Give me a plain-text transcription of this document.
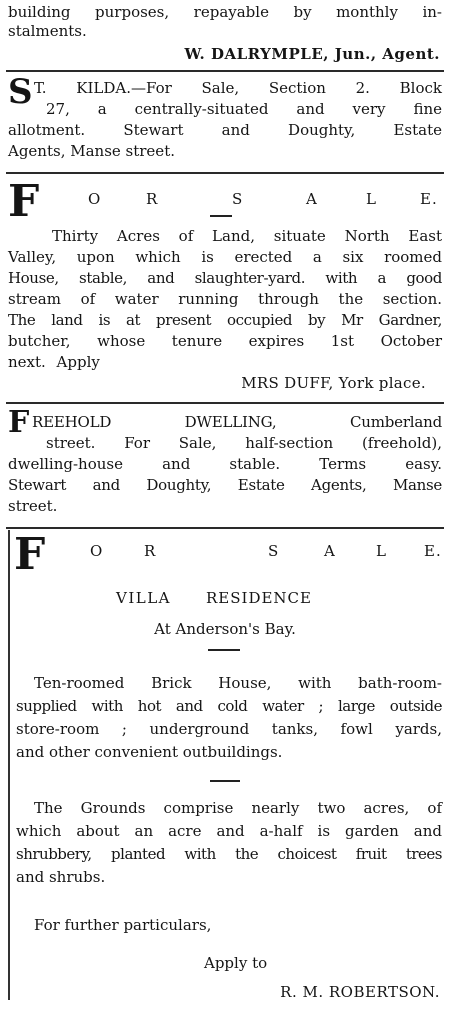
building purposes, repayable by monthly in-
stalments.
W. DALRYMPLE, Jun., Agent.
S T. KILDA.—For Sale, Section 2. Block
27, a centrally-situated and very fine
allotment. Stewart and Doughty, Estate
Agents, Manse street.
F	O	R	S	A	L	E.
Thirty Acres of Land, situate North East
Valley, upon which is erected a six roomed
House, stable, and slaughter-yard. with a good
stream of water running through the section.
The land is at present occupied by Mr Gardner,
butcher, whose tenure expires 1st October
next. Apply
MRS DUFF, York place.
F REEHOLD DWELLING, Cumberland
street. For Sale, half-section (freehold),
dwelling-house and stable. Terms easy.
Stewart and Doughty, Estate Agents, Manse
street.
F	O	R	S	A	L E.
VILLA RESIDENCE
At Anderson's Bay.
Ten-roomed Brick House, with bath-room-
supplied with hot and cold water ; large outside
store-room ; underground tanks, fowl yards,
and other convenient outbuildings.
The Grounds comprise nearly two acres, of
which about an acre and a-half is garden and
shrubbery, planted with the choicest fruit trees
and shrubs.
For further particulars,
Apply to
R. M. ROBERTSON.
